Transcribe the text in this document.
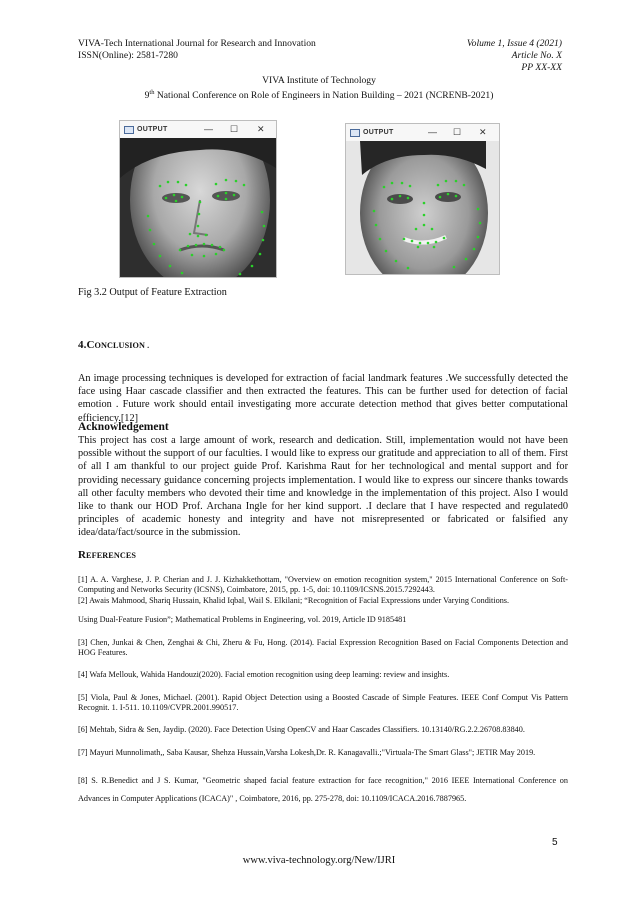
VIVA-Tech International Journal for Research and Innovation
ISSN(Online): 2581-7280
Volume 1, Issue 4 (2021)
Article No. X
PP XX-XX
VIVA Institute of Technology
9th National Conference on Role of Engineers in Nation Building – 2021 (NCRENB-2021)
OUTPUT	— ☐ ✕	OUTPUT	— ☐ ✕
Fig 3.2 Output of Feature Extraction
4.CONCLUSION .
An image processing techniques is developed for extraction of facial landmark features .We successfully detected the face using Haar cascade classifier and then extracted the features. This can be further used for detection of facial emotion . Future work should entail investigating more accurate detection method that gives better computational efficiency.[12]
Acknowledgement
This project has cost a large amount of work, research and dedication. Still, implementation would not have been possible without the support of our faculties. I would like to express our gratitude and appreciation to all of them. First of all I am thankful to our project guide Prof. Karishma Raut for her technological and mental support and for providing necessary guidance concerning projects implementation. I would like to express our sincere thanks towards all other faculty members who devoted their time and knowledge in the implementation of this project. Also I would like to thank our HOD Prof. Archana Ingle for her kind support. .I declare that I have respected and regulated0 principles of academic honesty and integrity and have not misrepresented or fabricated or falsified any idea/data/fact/source in the submission.
REFERENCES
[1] A. A. Varghese, J. P. Cherian and J. J. Kizhakkethottam, "Overview on emotion recognition system," 2015 International Conference on Soft-Computing and Networks Security (ICSNS), Coimbatore, 2015, pp. 1-5, doi: 10.1109/ICSNS.2015.7292443.
[2] Awais Mahmood, Shariq Hussain, Khalid Iqbal, Wail S. Elkilani; “Recognition of Facial Expressions under Varying Conditions.
Using Dual-Feature Fusion”; Mathematical Problems in Engineering, vol. 2019, Article ID 9185481
[3] Chen, Junkai & Chen, Zenghai & Chi, Zheru & Fu, Hong. (2014). Facial Expression Recognition Based on Facial Components Detection and HOG Features.
[4] Wafa Mellouk, Wahida Handouzi(2020). Facial emotion recognition using deep learning: review and insights.
[5] Viola, Paul & Jones, Michael. (2001). Rapid Object Detection using a Boosted Cascade of Simple Features. IEEE Conf Comput Vis Pattern Recognit. 1. I-511. 10.1109/CVPR.2001.990517.
[6] Mehtab, Sidra & Sen, Jaydip. (2020). Face Detection Using OpenCV and Haar Cascades Classifiers. 10.13140/RG.2.2.26708.83840.
[7] Mayuri Munnolimath,, Saba Kausar, Shehza Hussain,Varsha Lokesh,Dr. R. Kanagavalli.;"Virtuala-The Smart Glass"; JETIR May 2019.
[8] S. R.Benedict and J S. Kumar, "Geometric shaped facial feature extraction for face recognition," 2016 IEEE International Conference on Advances in Computer Applications (ICACA)" , Coimbatore, 2016, pp. 275-278, doi: 10.1109/ICACA.2016.7887965.
5
www.viva-technology.org/New/IJRI
